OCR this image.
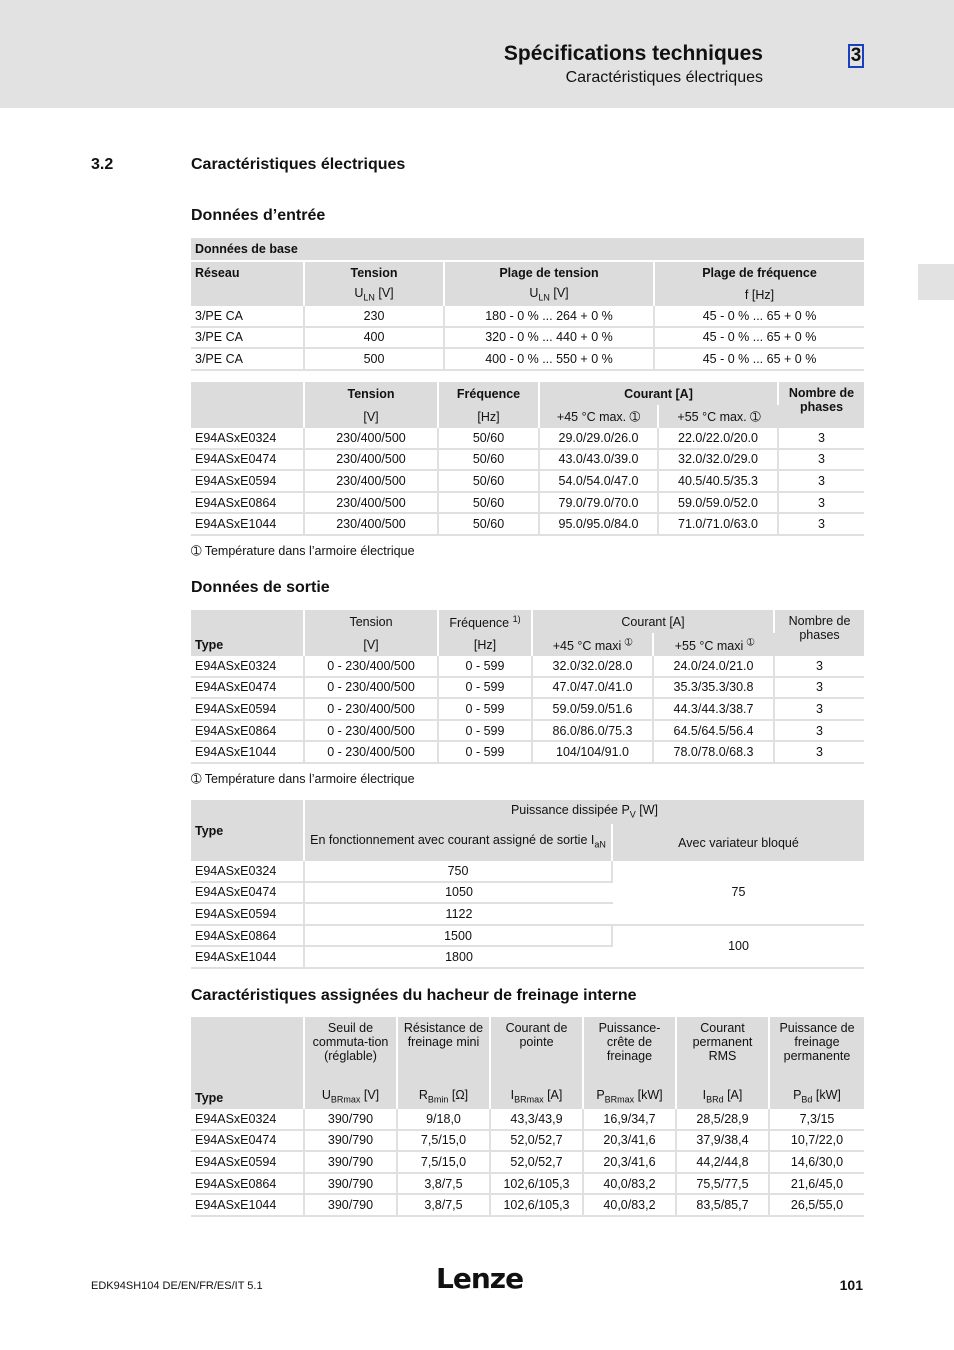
Spécifications techniques
Caractéristiques électriques
3
3.2	Caractéristiques électriques
Données d’entrée
Données de base			

Réseau	Tension	Plage de tension	Plage de fréquence
	$U_{LN}$ [V]	$U_{LN}$ [V]	f [Hz]
3/PE CA	230	180 - 0 % ... 264 + 0 %	45 - 0 % ... 65 + 0 %
3/PE CA	400	320 - 0 % ... 440 + 0 %	45 - 0 % ... 65 + 0 %
3/PE CA	500	400 - 0 % ... 550 + 0 %	45 - 0 % ... 65 + 0 %
	Tension	Fréquence	Courant [A]		Nombre de phases
	[V]	[Hz]	+45 °C max. ➀	+55 °C max. ➀	
E94ASxE0324	230/400/500	50/60	29.0/29.0/26.0	22.0/22.0/20.0	3
E94ASxE0474	230/400/500	50/60	43.0/43.0/39.0	32.0/32.0/29.0	3
E94ASxE0594	230/400/500	50/60	54.0/54.0/47.0	40.5/40.5/35.3	3
E94ASxE0864	230/400/500	50/60	79.0/79.0/70.0	59.0/59.0/52.0	3
E94ASxE1044	230/400/500	50/60	95.0/95.0/84.0	71.0/71.0/63.0	3
➀ Température dans l’armoire électrique
Données de sortie
Type	Tension	Fréquence $^{1)}$	Courant [A]		Nombre de phases
	[V]	[Hz]	+45 °C maxi $^➀$	+55 °C maxi $^➀$
E94ASxE0324	0 - 230/400/500	0 - 599	32.0/32.0/28.0	24.0/24.0/21.0	3
E94ASxE0474	0 - 230/400/500	0 - 599	47.0/47.0/41.0	35.3/35.3/30.8	3
E94ASxE0594	0 - 230/400/500	0 - 599	59.0/59.0/51.6	44.3/44.3/38.7	3
E94ASxE0864	0 - 230/400/500	0 - 599	86.0/86.0/75.3	64.5/64.5/56.4	3
E94ASxE1044	0 - 230/400/500	0 - 599	104/104/91.0	78.0/78.0/68.3	3
➀ Température dans l’armoire électrique
Type	Puissance dissipée $P_V$ [W]	
	En fonctionnement avec courant assigné de sortie $I_{aN}$	Avec variateur bloqué
E94ASxE0324	750	75
E94ASxE0474	1050	
E94ASxE0594	1122	
E94ASxE0864	1500	100
E94ASxE1044	1800	
Caractéristiques assignées du hacheur de freinage interne
Type	Seuil de commuta-tion (réglable)	Résistance de freinage mini	Courant de pointe	Puissance-crête de freinage	Courant permanent RMS	Puissance de freinage permanente
	$U_{BRmax}$ [V]	$R_{Bmin}$ [Ω]	$I_{BRmax}$ [A]	$P_{BRmax}$ [kW]	$I_{BRd}$ [A]	$P_{Bd}$ [kW]
E94ASxE0324	390/790	9/18,0	43,3/43,9	16,9/34,7	28,5/28,9	7,3/15
E94ASxE0474	390/790	7,5/15,0	52,0/52,7	20,3/41,6	37,9/38,4	10,7/22,0
E94ASxE0594	390/790	7,5/15,0	52,0/52,7	20,3/41,6	44,2/44,8	14,6/30,0
E94ASxE0864	390/790	3,8/7,5	102,6/105,3	40,0/83,2	75,5/77,5	21,6/45,0
E94ASxE1044	390/790	3,8/7,5	102,6/105,3	40,0/83,2	83,5/85,7	26,5/55,0
EDK94SH104 DE/EN/FR/ES/IT 5.1	Lenze	101
